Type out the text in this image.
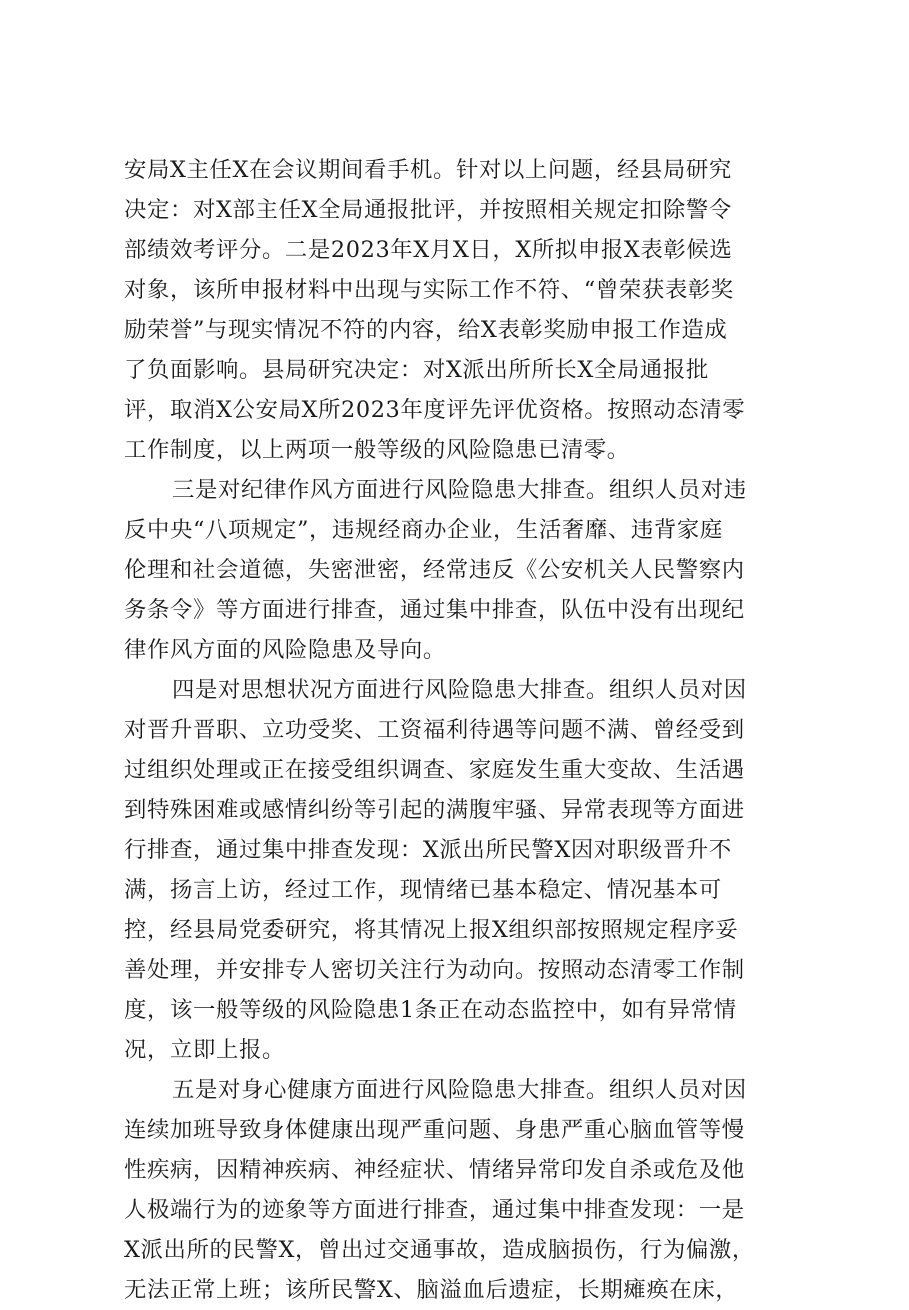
安局X主任X在会议期间看手机。针对以上问题，经县局研究
决定：对X部主任X全局通报批评，并按照相关规定扣除警令
部绩效考评分。二是2023年X月X日，X所拟申报X表彰候选
对象，该所申报材料中出现与实际工作不符、“曾荣获表彰奖
励荣誉”与现实情况不符的内容，给X表彰奖励申报工作造成
了负面影响。县局研究决定：对X派出所所长X全局通报批
评，取消X公安局X所2023年度评先评优资格。按照动态清零
工作制度，以上两项一般等级的风险隐患已清零。
三是对纪律作风方面进行风险隐患大排查。组织人员对违
反中央“八项规定”，违规经商办企业，生活奢靡、违背家庭
伦理和社会道德，失密泄密，经常违反《公安机关人民警察内
务条令》等方面进行排查，通过集中排查，队伍中没有出现纪
律作风方面的风险隐患及导向。
四是对思想状况方面进行风险隐患大排查。组织人员对因
对晋升晋职、立功受奖、工资福利待遇等问题不满、曾经受到
过组织处理或正在接受组织调查、家庭发生重大变故、生活遇
到特殊困难或感情纠纷等引起的满腹牢骚、异常表现等方面进
行排查，通过集中排查发现：X派出所民警X因对职级晋升不
满，扬言上访，经过工作，现情绪已基本稳定、情况基本可
控，经县局党委研究，将其情况上报X组织部按照规定程序妥
善处理，并安排专人密切关注行为动向。按照动态清零工作制
度，该一般等级的风险隐患1条正在动态监控中，如有异常情
况，立即上报。
五是对身心健康方面进行风险隐患大排查。组织人员对因
连续加班导致身体健康出现严重问题、身患严重心脑血管等慢
性疾病，因精神疾病、神经症状、情绪异常印发自杀或危及他
人极端行为的迹象等方面进行排查，通过集中排查发现：一是
X派出所的民警X，曾出过交通事故，造成脑损伤，行为偏激，
无法正常上班；该所民警X、脑溢血后遗症，长期瘫痪在床，
